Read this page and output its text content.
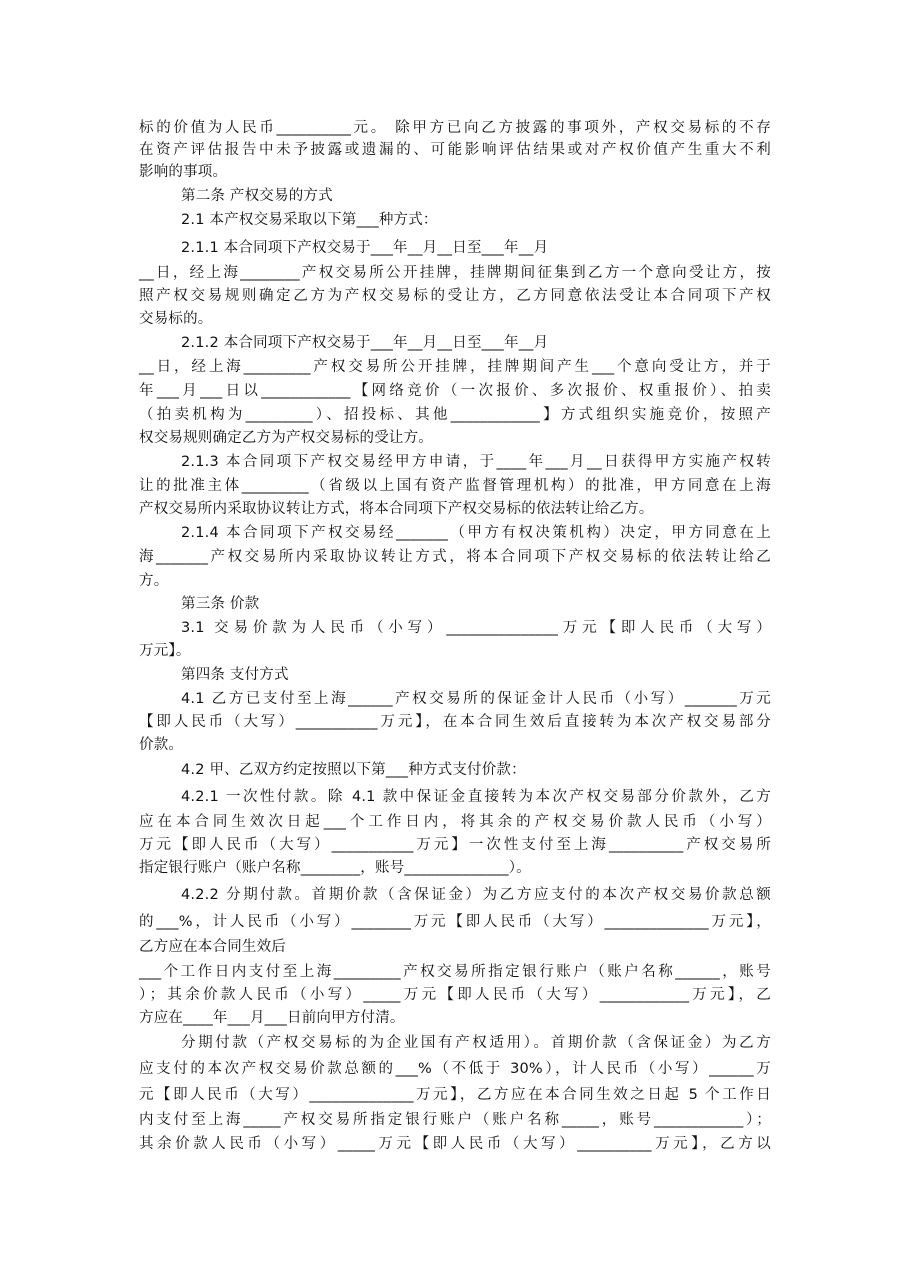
标的价值为人民币__________元。 除甲方已向乙方披露的事项外，产权交易标的不存
在资产评估报告中未予披露或遗漏的、可能影响评估结果或对产权价值产生重大不利
影响的事项。
第二条 产权交易的方式
2.1 本产权交易采取以下第___种方式：
2.1.1 本合同项下产权交易于___年__月__日至___年__月
__日，经上海________产权交易所公开挂牌，挂牌期间征集到乙方一个意向受让方，按
照产权交易规则确定乙方为产权交易标的受让方，乙方同意依法受让本合同项下产权
交易标的。
2.1.2 本合同项下产权交易于___年__月__日至___年__月
__日，经上海_________产权交易所公开挂牌，挂牌期间产生___个意向受让方，并于
年___月___日以____________【网络竞价（一次报价、多次报价、权重报价）、拍卖
（拍卖机构为_________）、招投标、其他____________】方式组织实施竞价，按照产
权交易规则确定乙方为产权交易标的受让方。
2.1.3 本合同项下产权交易经甲方申请，于____年___月__日获得甲方实施产权转
让的批准主体_________（省级以上国有资产监督管理机构）的批准，甲方同意在上海
产权交易所内采取协议转让方式，将本合同项下产权交易标的依法转让给乙方。
2.1.4 本合同项下产权交易经_______（甲方有权决策机构）决定，甲方同意在上
海_______产权交易所内采取协议转让方式，将本合同项下产权交易标的依法转让给乙
方。
第三条 价款
3.1 交易价款为人民币（小写）_______________万元【即人民币（大写）
万元】。
第四条 支付方式
4.1 乙方已支付至上海______产权交易所的保证金计人民币（小写）_______万元
【即人民币（大写）___________万元】，在本合同生效后直接转为本次产权交易部分
价款。
4.2 甲、乙双方约定按照以下第___种方式支付价款：
4.2.1 一次性付款。除 4.1 款中保证金直接转为本次产权交易部分价款外，乙方
应在本合同生效次日起___个工作日内，将其余的产权交易价款人民币（小写）
万元【即人民币（大写）___________万元】一次性支付至上海__________产权交易所
指定银行账户（账户名称________，账号______________）。
4.2.2 分期付款。首期价款（含保证金）为乙方应支付的本次产权交易价款总额
的___%，计人民币（小写）________万元【即人民币（大写）______________万元】，
乙方应在本合同生效后
___个工作日内支付至上海_________产权交易所指定银行账户（账户名称______，账号
）；其余价款人民币（小写）_____万元【即人民币（大写）____________万元】，乙
方应在____年___月___日前向甲方付清。
分期付款（产权交易标的为企业国有产权适用）。首期价款（含保证金）为乙方
应支付的本次产权交易价款总额的___%（不低于 30%），计人民币（小写）______万
元【即人民币（大写）______________万元】，乙方应在本合同生效之日起 5 个工作日
内支付至上海_____产权交易所指定银行账户（账户名称_____，账号____________）；
其余价款人民币（小写）_____万元【即人民币（大写）__________万元】，乙方以
